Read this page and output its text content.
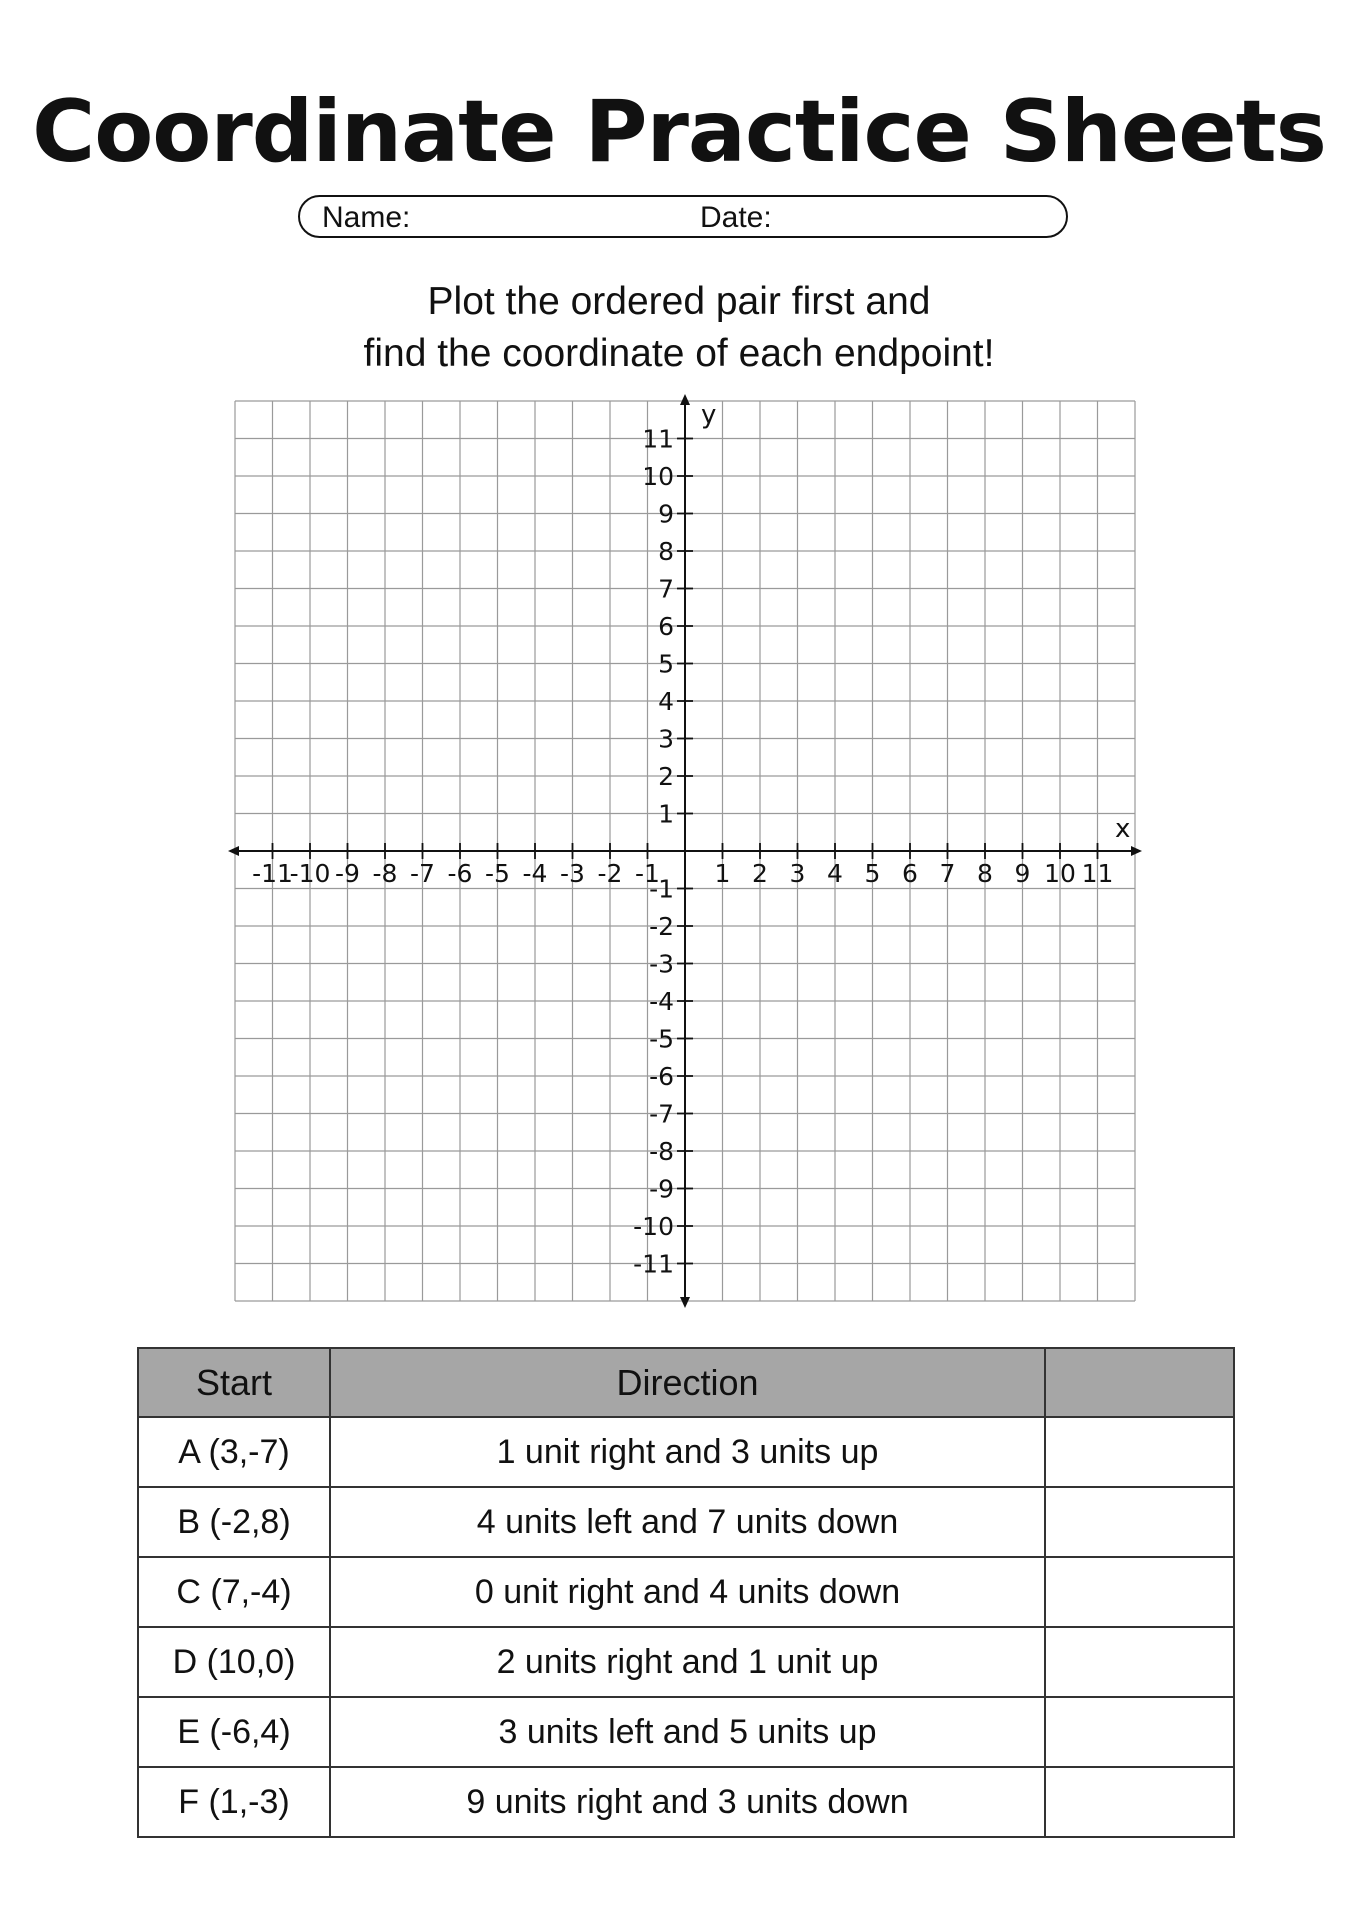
Coordinate Practice Sheets
Name:	Date:
Plot the ordered pair first and
find the coordinate of each endpoint!
x
y
-11
-10 -9 -8 -7 -6 -5 -4 -3 -2 -1 1 2 3 4 5 6 7 8 9 10 11
11
10
9
8
7
6
5
4
3
2
1
-1
-2
-3
-4
-5
-6
-7
-8
-9
-10
-11
Start	Direction	
A (3,-7)	1 unit right and 3 units up	
B (-2,8)	4 units left and 7 units down	
C (7,-4)	0 unit right and 4 units down	
D (10,0)	2 units right and 1 unit up	
E (-6,4)	3 units left and 5 units up	
F (1,-3)	9 units right and 3 units down	
